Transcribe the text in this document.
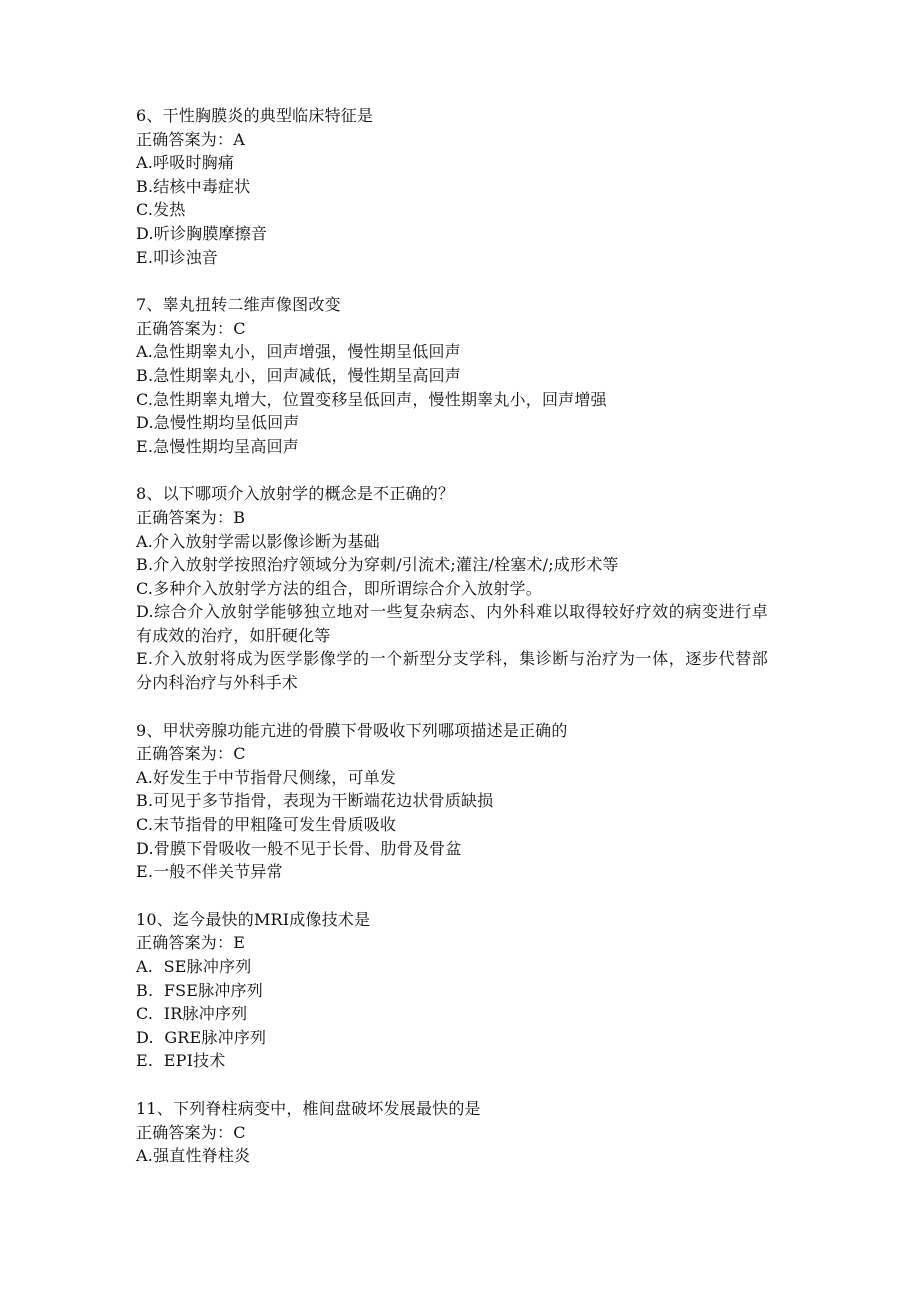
6、干性胸膜炎的典型临床特征是
正确答案为：A
A.呼吸时胸痛
B.结核中毒症状
C.发热
D.听诊胸膜摩擦音
E.叩诊浊音
7、睾丸扭转二维声像图改变
正确答案为：C
A.急性期睾丸小，回声增强，慢性期呈低回声
B.急性期睾丸小，回声减低，慢性期呈高回声
C.急性期睾丸增大，位置变移呈低回声，慢性期睾丸小，回声增强
D.急慢性期均呈低回声
E.急慢性期均呈高回声
8、以下哪项介入放射学的概念是不正确的？
正确答案为：B
A.介入放射学需以影像诊断为基础
B.介入放射学按照治疗领域分为穿刺/引流术;灌注/栓塞术/;成形术等
C.多种介入放射学方法的组合，即所谓综合介入放射学。
D.综合介入放射学能够独立地对一些复杂病态、内外科难以取得较好疗效的病变进行卓有成效的治疗，如肝硬化等
E.介入放射将成为医学影像学的一个新型分支学科，集诊断与治疗为一体，逐步代替部分内科治疗与外科手术
9、甲状旁腺功能亢进的骨膜下骨吸收下列哪项描述是正确的
正确答案为：C
A.好发生于中节指骨尺侧缘，可单发
B.可见于多节指骨，表现为干断端花边状骨质缺损
C.末节指骨的甲粗隆可发生骨质吸收
D.骨膜下骨吸收一般不见于长骨、肋骨及骨盆
E.一般不伴关节异常
10、迄今最快的MRI成像技术是
正确答案为：E
A.  SE脉冲序列
B.  FSE脉冲序列
C.  IR脉冲序列
D.  GRE脉冲序列
E.  EPI技术
11、下列脊柱病变中，椎间盘破坏发展最快的是
正确答案为：C
A.强直性脊柱炎
